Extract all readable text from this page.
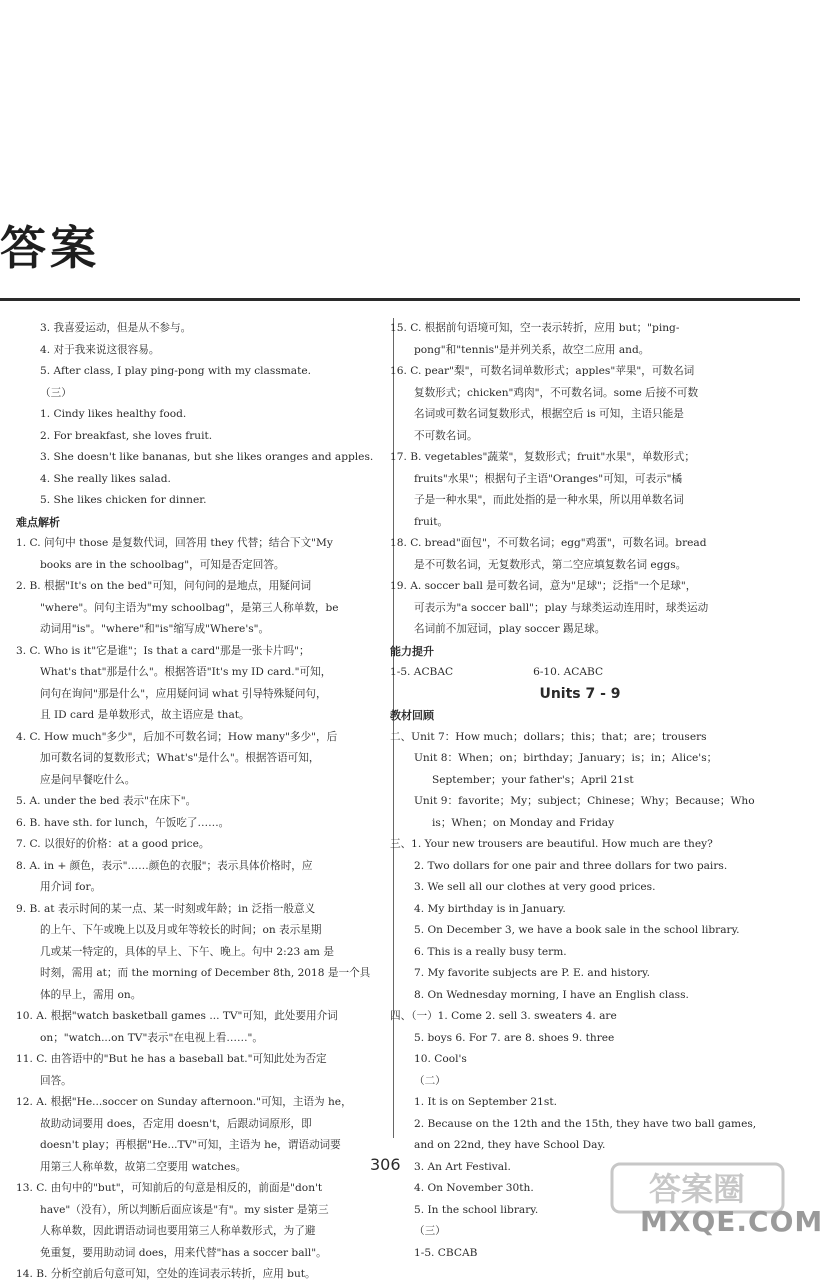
答案
3. 我喜爱运动，但是从不参与。
4. 对于我来说这很容易。
5. After class, I play ping-pong with my classmate.
（三）
1. Cindy likes healthy food.
2. For breakfast, she loves fruit.
3. She doesn't like bananas, but she likes oranges and apples.
4. She really likes salad.
5. She likes chicken for dinner.
难点解析
1. C. 问句中 those 是复数代词，回答用 they 代替；结合下文"My
books are in the schoolbag"，可知是否定回答。
2. B. 根据"It's on the bed"可知，问句问的是地点，用疑问词
"where"。问句主语为"my schoolbag"，是第三人称单数，be
动词用"is"。"where"和"is"缩写成"Where's"。
3. C. Who is it"它是谁"；Is that a card"那是一张卡片吗"；
What's that"那是什么"。根据答语"It's my ID card."可知，
问句在询问"那是什么"，应用疑问词 what 引导特殊疑问句，
且 ID card 是单数形式，故主语应是 that。
4. C. How much"多少"，后加不可数名词；How many"多少"，后
加可数名词的复数形式；What's"是什么"。根据答语可知，
应是问早餐吃什么。
5. A. under the bed 表示"在床下"。
6. B. have sth. for lunch，午饭吃了……。
7. C. 以很好的价格：at a good price。
8. A. in + 颜色，表示"……颜色的衣服"；表示具体价格时，应
用介词 for。
9. B. at 表示时间的某一点、某一时刻或年龄；in 泛指一般意义
的上午、下午或晚上以及月或年等较长的时间；on 表示星期
几或某一特定的，具体的早上、下午、晚上。句中 2:23 am 是
时刻，需用 at；而 the morning of December 8th, 2018 是一个具
体的早上，需用 on。
10. A. 根据"watch basketball games ... TV"可知，此处要用介词
on；"watch...on TV"表示"在电视上看……"。
11. C. 由答语中的"But he has a baseball bat."可知此处为否定
回答。
12. A. 根据"He...soccer on Sunday afternoon."可知，主语为 he，
故助动词要用 does，否定用 doesn't，后跟动词原形，即
doesn't play；再根据"He...TV"可知，主语为 he，谓语动词要
用第三人称单数，故第二空要用 watches。
13. C. 由句中的"but"，可知前后的句意是相反的，前面是"don't
have"（没有），所以判断后面应该是"有"。my sister 是第三
人称单数，因此谓语动词也要用第三人称单数形式，为了避
免重复，要用助动词 does，用来代替"has a soccer ball"。
14. B. 分析空前后句意可知，空处的连词表示转折，应用 but。
15. C. 根据前句语境可知，空一表示转折，应用 but；"ping-
pong"和"tennis"是并列关系，故空二应用 and。
16. C. pear"梨"，可数名词单数形式；apples"苹果"，可数名词
复数形式；chicken"鸡肉"，不可数名词。some 后接不可数
名词或可数名词复数形式，根据空后 is 可知，主语只能是
不可数名词。
17. B. vegetables"蔬菜"，复数形式；fruit"水果"，单数形式；
fruits"水果"；根据句子主语"Oranges"可知，可表示"橘
子是一种水果"，而此处指的是一种水果，所以用单数名词
fruit。
18. C. bread"面包"，不可数名词；egg"鸡蛋"，可数名词。bread
是不可数名词，无复数形式，第二空应填复数名词 eggs。
19. A. soccer ball 是可数名词，意为"足球"；泛指"一个足球"，
可表示为"a soccer ball"；play 与球类运动连用时，球类运动
名词前不加冠词，play soccer 踢足球。
能力提升
1-5. ACBAC	6-10. ACABC
Units 7 - 9
教材回顾
二、Unit 7：How much；dollars；this；that；are；trousers
Unit 8：When；on；birthday；January；is；in；Alice's；
September；your father's；April 21st
Unit 9：favorite；My；subject；Chinese；Why；Because；Who
is；When；on Monday and Friday
三、1. Your new trousers are beautiful. How much are they?
2. Two dollars for one pair and three dollars for two pairs.
3. We sell all our clothes at very good prices.
4. My birthday is in January.
5. On December 3, we have a book sale in the school library.
6. This is a really busy term.
7. My favorite subjects are P. E. and history.
8. On Wednesday morning, I have an English class.
四、（一）1. Come 2. sell 3. sweaters 4. are
5. boys 6. For 7. are 8. shoes 9. three
10. Cool's
（二）
1. It is on September 21st.
2. Because on the 12th and the 15th, they have two ball games,
and on 22nd, they have School Day.
3. An Art Festival.
4. On November 30th.
5. In the school library.
（三）
1-5. CBCAB
306
答案圈
MXQE.COM
